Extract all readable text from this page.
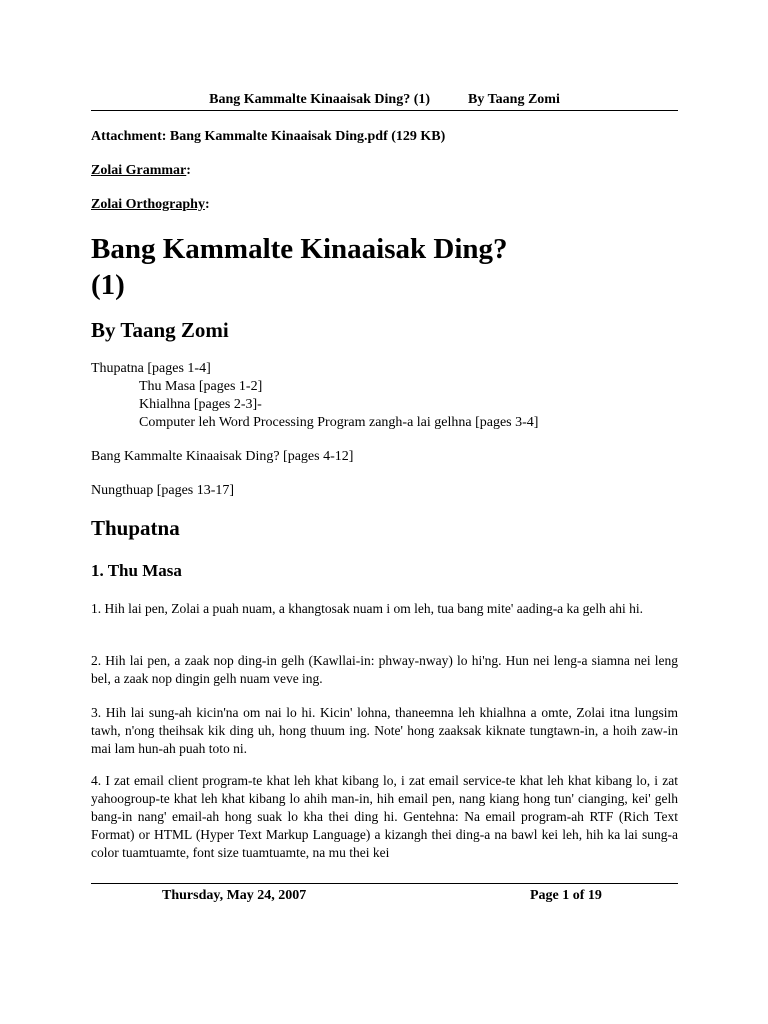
Bang Kammalte Kinaaisak Ding? (1)	By Taang Zomi
Attachment: Bang Kammalte Kinaaisak Ding.pdf (129 KB)
Zolai Grammar:
Zolai Orthography:
Bang Kammalte Kinaaisak Ding?
(1)
By Taang Zomi
Thupatna [pages 1-4]
Thu Masa [pages 1-2]
Khialhna [pages 2-3]-
Computer leh Word Processing Program zangh-a lai gelhna [pages 3-4]
Bang Kammalte Kinaaisak Ding? [pages 4-12]
Nungthuap [pages 13-17]
Thupatna
1. Thu Masa

1. Hih lai pen, Zolai a puah nuam, a khangtosak nuam i om leh, tua bang mite' aading-a ka gelh ahi hi.

2. Hih lai pen, a zaak nop ding-in gelh (Kawllai-in: phway-nway) lo hi'ng. Hun nei leng-a siamna nei leng bel, a zaak nop dingin gelh nuam veve ing.

3. Hih lai sung-ah kicin'na om nai lo hi. Kicin' lohna, thaneemna leh khialhna a omte, Zolai itna lungsim tawh, n'ong theihsak kik ding uh, hong thuum ing. Note' hong zaaksak kiknate tungtawn-in, a hoih zaw-in mai lam hun-ah puah toto ni.

4. I zat email client program-te khat leh khat kibang lo, i zat email service-te khat leh khat kibang lo, i zat yahoogroup-te khat leh khat kibang lo ahih man-in, hih email pen, nang kiang hong tun' cianging, kei' gelh bang-in nang' email-ah hong suak lo kha thei ding hi. Gentehna: Na email program-ah RTF (Rich Text Format) or HTML (Hyper Text Markup Language) a kizangh thei ding-a na bawl kei leh, hih ka lai sung-a color tuamtuamte, font size tuamtuamte, na mu thei kei

Thursday, May 24, 2007	Page 1 of 19
